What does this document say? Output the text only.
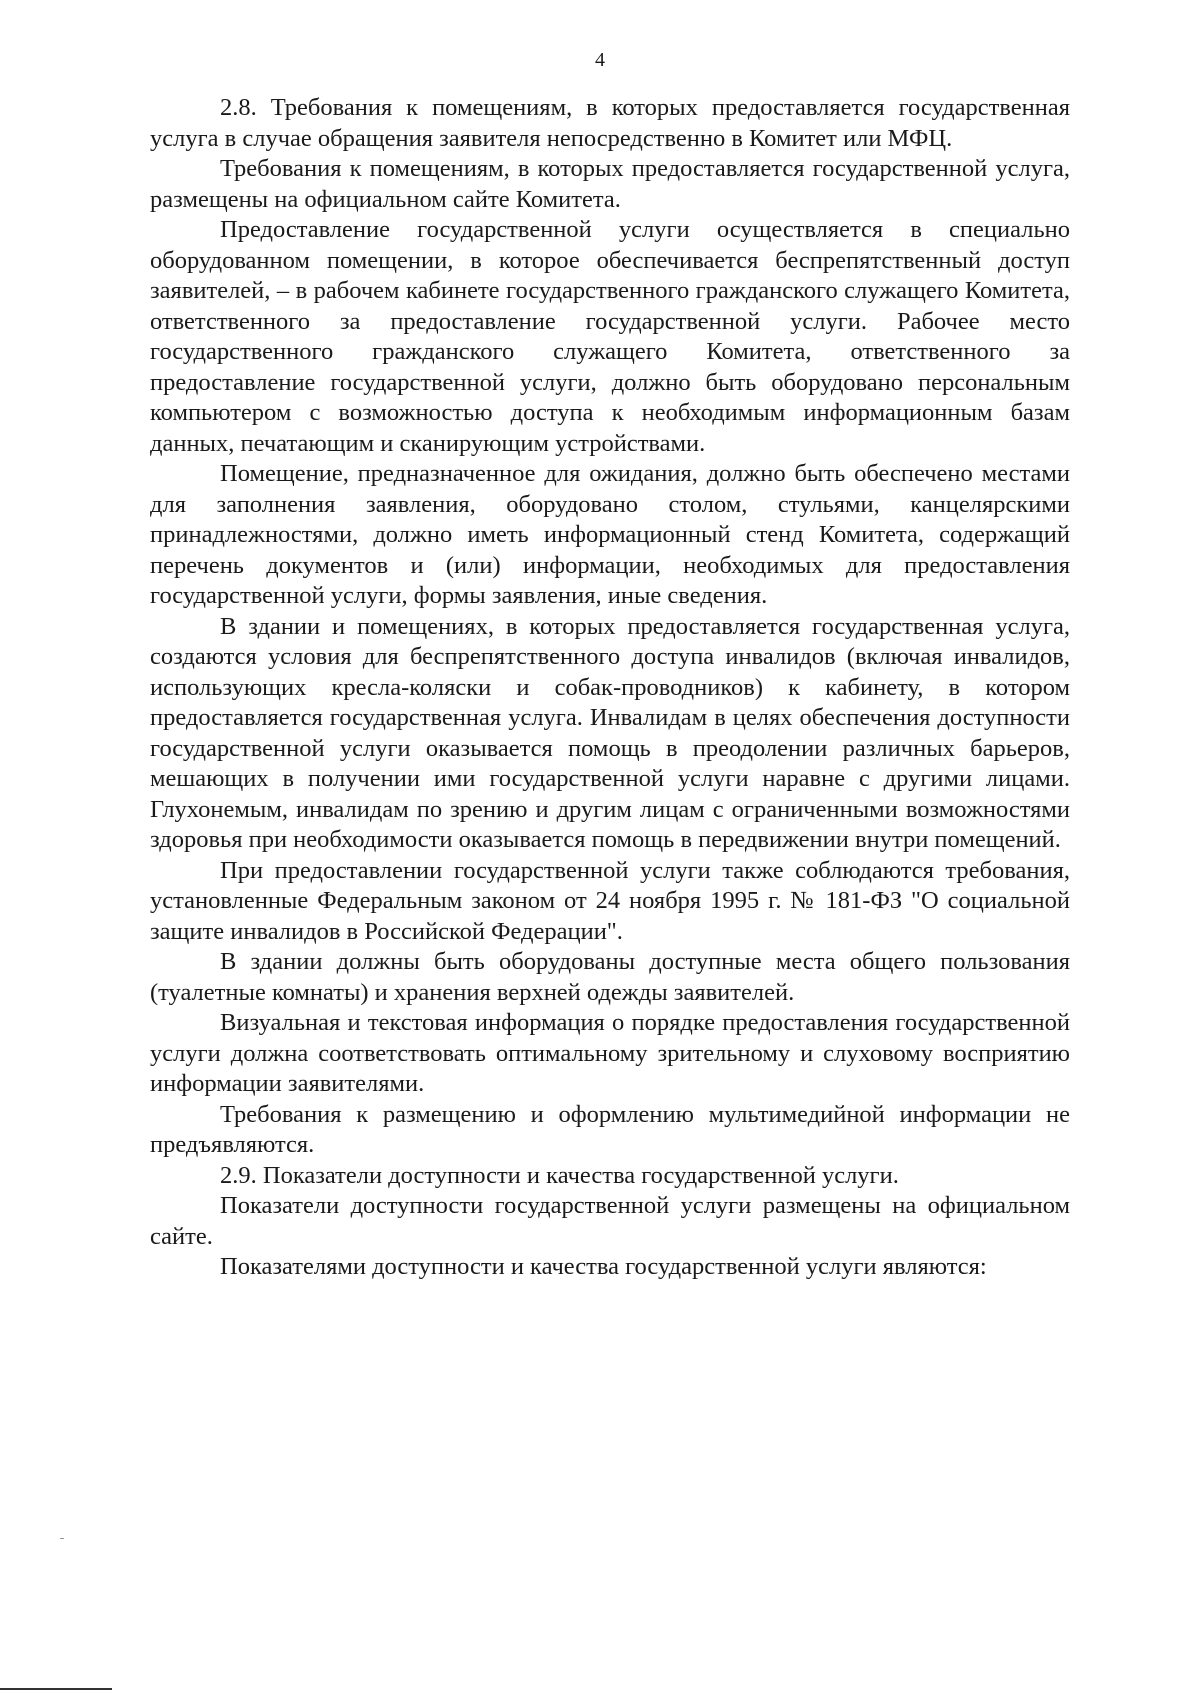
4

2.8. Требования к помещениям, в которых предоставляется государственная услуга в случае обращения заявителя непосредственно в Комитет или МФЦ.

Требования к помещениям, в которых предоставляется государственной услуга, размещены на официальном сайте Комитета.

Предоставление государственной услуги осуществляется в специально оборудованном помещении, в которое обеспечивается беспрепятственный доступ заявителей, – в рабочем кабинете государственного гражданского служащего Комитета, ответственного за предоставление государственной услуги. Рабочее место государственного гражданского служащего Комитета, ответственного за предоставление государственной услуги, должно быть оборудовано персональным компьютером с возможностью доступа к необходимым информационным базам данных, печатающим и сканирующим устройствами.

Помещение, предназначенное для ожидания, должно быть обеспечено местами для заполнения заявления, оборудовано столом, стульями, канцелярскими принадлежностями, должно иметь информационный стенд Комитета, содержащий перечень документов и (или) информации, необходимых для предоставления государственной услуги, формы заявления, иные сведения.

В здании и помещениях, в которых предоставляется государственная услуга, создаются условия для беспрепятственного доступа инвалидов (включая инвалидов, использующих кресла-коляски и собак-проводников) к кабинету, в котором предоставляется государственная услуга. Инвалидам в целях обеспечения доступности государственной услуги оказывается помощь в преодолении различных барьеров, мешающих в получении ими государственной услуги наравне с другими лицами. Глухонемым, инвалидам по зрению и другим лицам с ограниченными возможностями здоровья при необходимости оказывается помощь в передвижении внутри помещений.

При предоставлении государственной услуги также соблюдаются требования, установленные Федеральным законом от 24 ноября 1995 г. № 181-ФЗ "О социальной защите инвалидов в Российской Федерации".

В здании должны быть оборудованы доступные места общего пользования (туалетные комнаты) и хранения верхней одежды заявителей.

Визуальная и текстовая информация о порядке предоставления государственной услуги должна соответствовать оптимальному зрительному и слуховому восприятию информации заявителями.

Требования к размещению и оформлению мультимедийной информации не предъявляются.

2.9. Показатели доступности и качества государственной услуги.

Показатели доступности государственной услуги размещены на официальном сайте.

Показателями доступности и качества государственной услуги являются:
